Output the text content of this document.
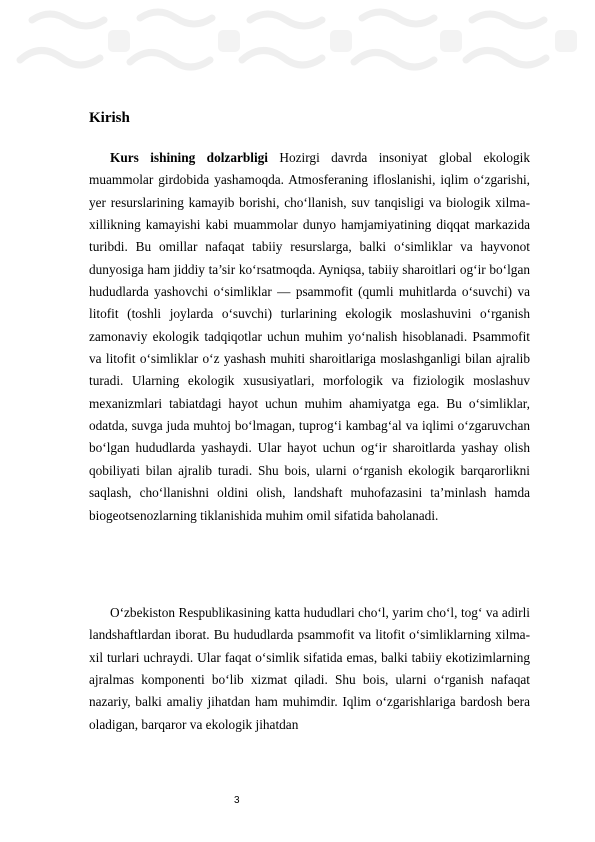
Kirish

Kurs ishining dolzarbligi Hozirgi davrda insoniyat global ekologik muammolar girdobida yashamoqda. Atmosferaning ifloslanishi, iqlim o‘zgarishi, yer resurslarining kamayib borishi, cho‘llanish, suv tanqisligi va biologik xilma-xillikning kamayishi kabi muammolar dunyo hamjamiyatining diqqat markazida turibdi. Bu omillar nafaqat tabiiy resurslarga, balki o‘simliklar va hayvonot dunyosiga ham jiddiy ta’sir ko‘rsatmoqda. Ayniqsa, tabiiy sharoitlari og‘ir bo‘lgan hududlarda yashovchi o‘simliklar — psammofit (qumli muhitlarda o‘suvchi) va litofit (toshli joylarda o‘suvchi) turlarining ekologik moslashuvini o‘rganish zamonaviy ekologik tadqiqotlar uchun muhim yo‘nalish hisoblanadi. Psammofit va litofit o‘simliklar o‘z yashash muhiti sharoitlariga moslashganligi bilan ajralib turadi. Ularning ekologik xususiyatlari, morfologik va fiziologik moslashuv mexanizmlari tabiatdagi hayot uchun muhim ahamiyatga ega. Bu o‘simliklar, odatda, suvga juda muhtoj bo‘lmagan, tuprog‘i kambag‘al va iqlimi o‘zgaruvchan bo‘lgan hududlarda yashaydi. Ular hayot uchun og‘ir sharoitlarda yashay olish qobiliyati bilan ajralib turadi. Shu bois, ularni o‘rganish ekologik barqarorlikni saqlash, cho‘llanishni oldini olish, landshaft muhofazasini ta’minlash hamda biogeotsenozlarning tiklanishida muhim omil sifatida baholanadi.

O‘zbekiston Respublikasining katta hududlari cho‘l, yarim cho‘l, tog‘ va adirli landshaftlardan iborat. Bu hududlarda psammofit va litofit o‘simliklarning xilma-xil turlari uchraydi. Ular faqat o‘simlik sifatida emas, balki tabiiy ekotizimlarning ajralmas komponenti bo‘lib xizmat qiladi. Shu bois, ularni o‘rganish nafaqat nazariy, balki amaliy jihatdan ham muhimdir. Iqlim o‘zgarishlariga bardosh bera oladigan, barqaror va ekologik jihatdan

3
